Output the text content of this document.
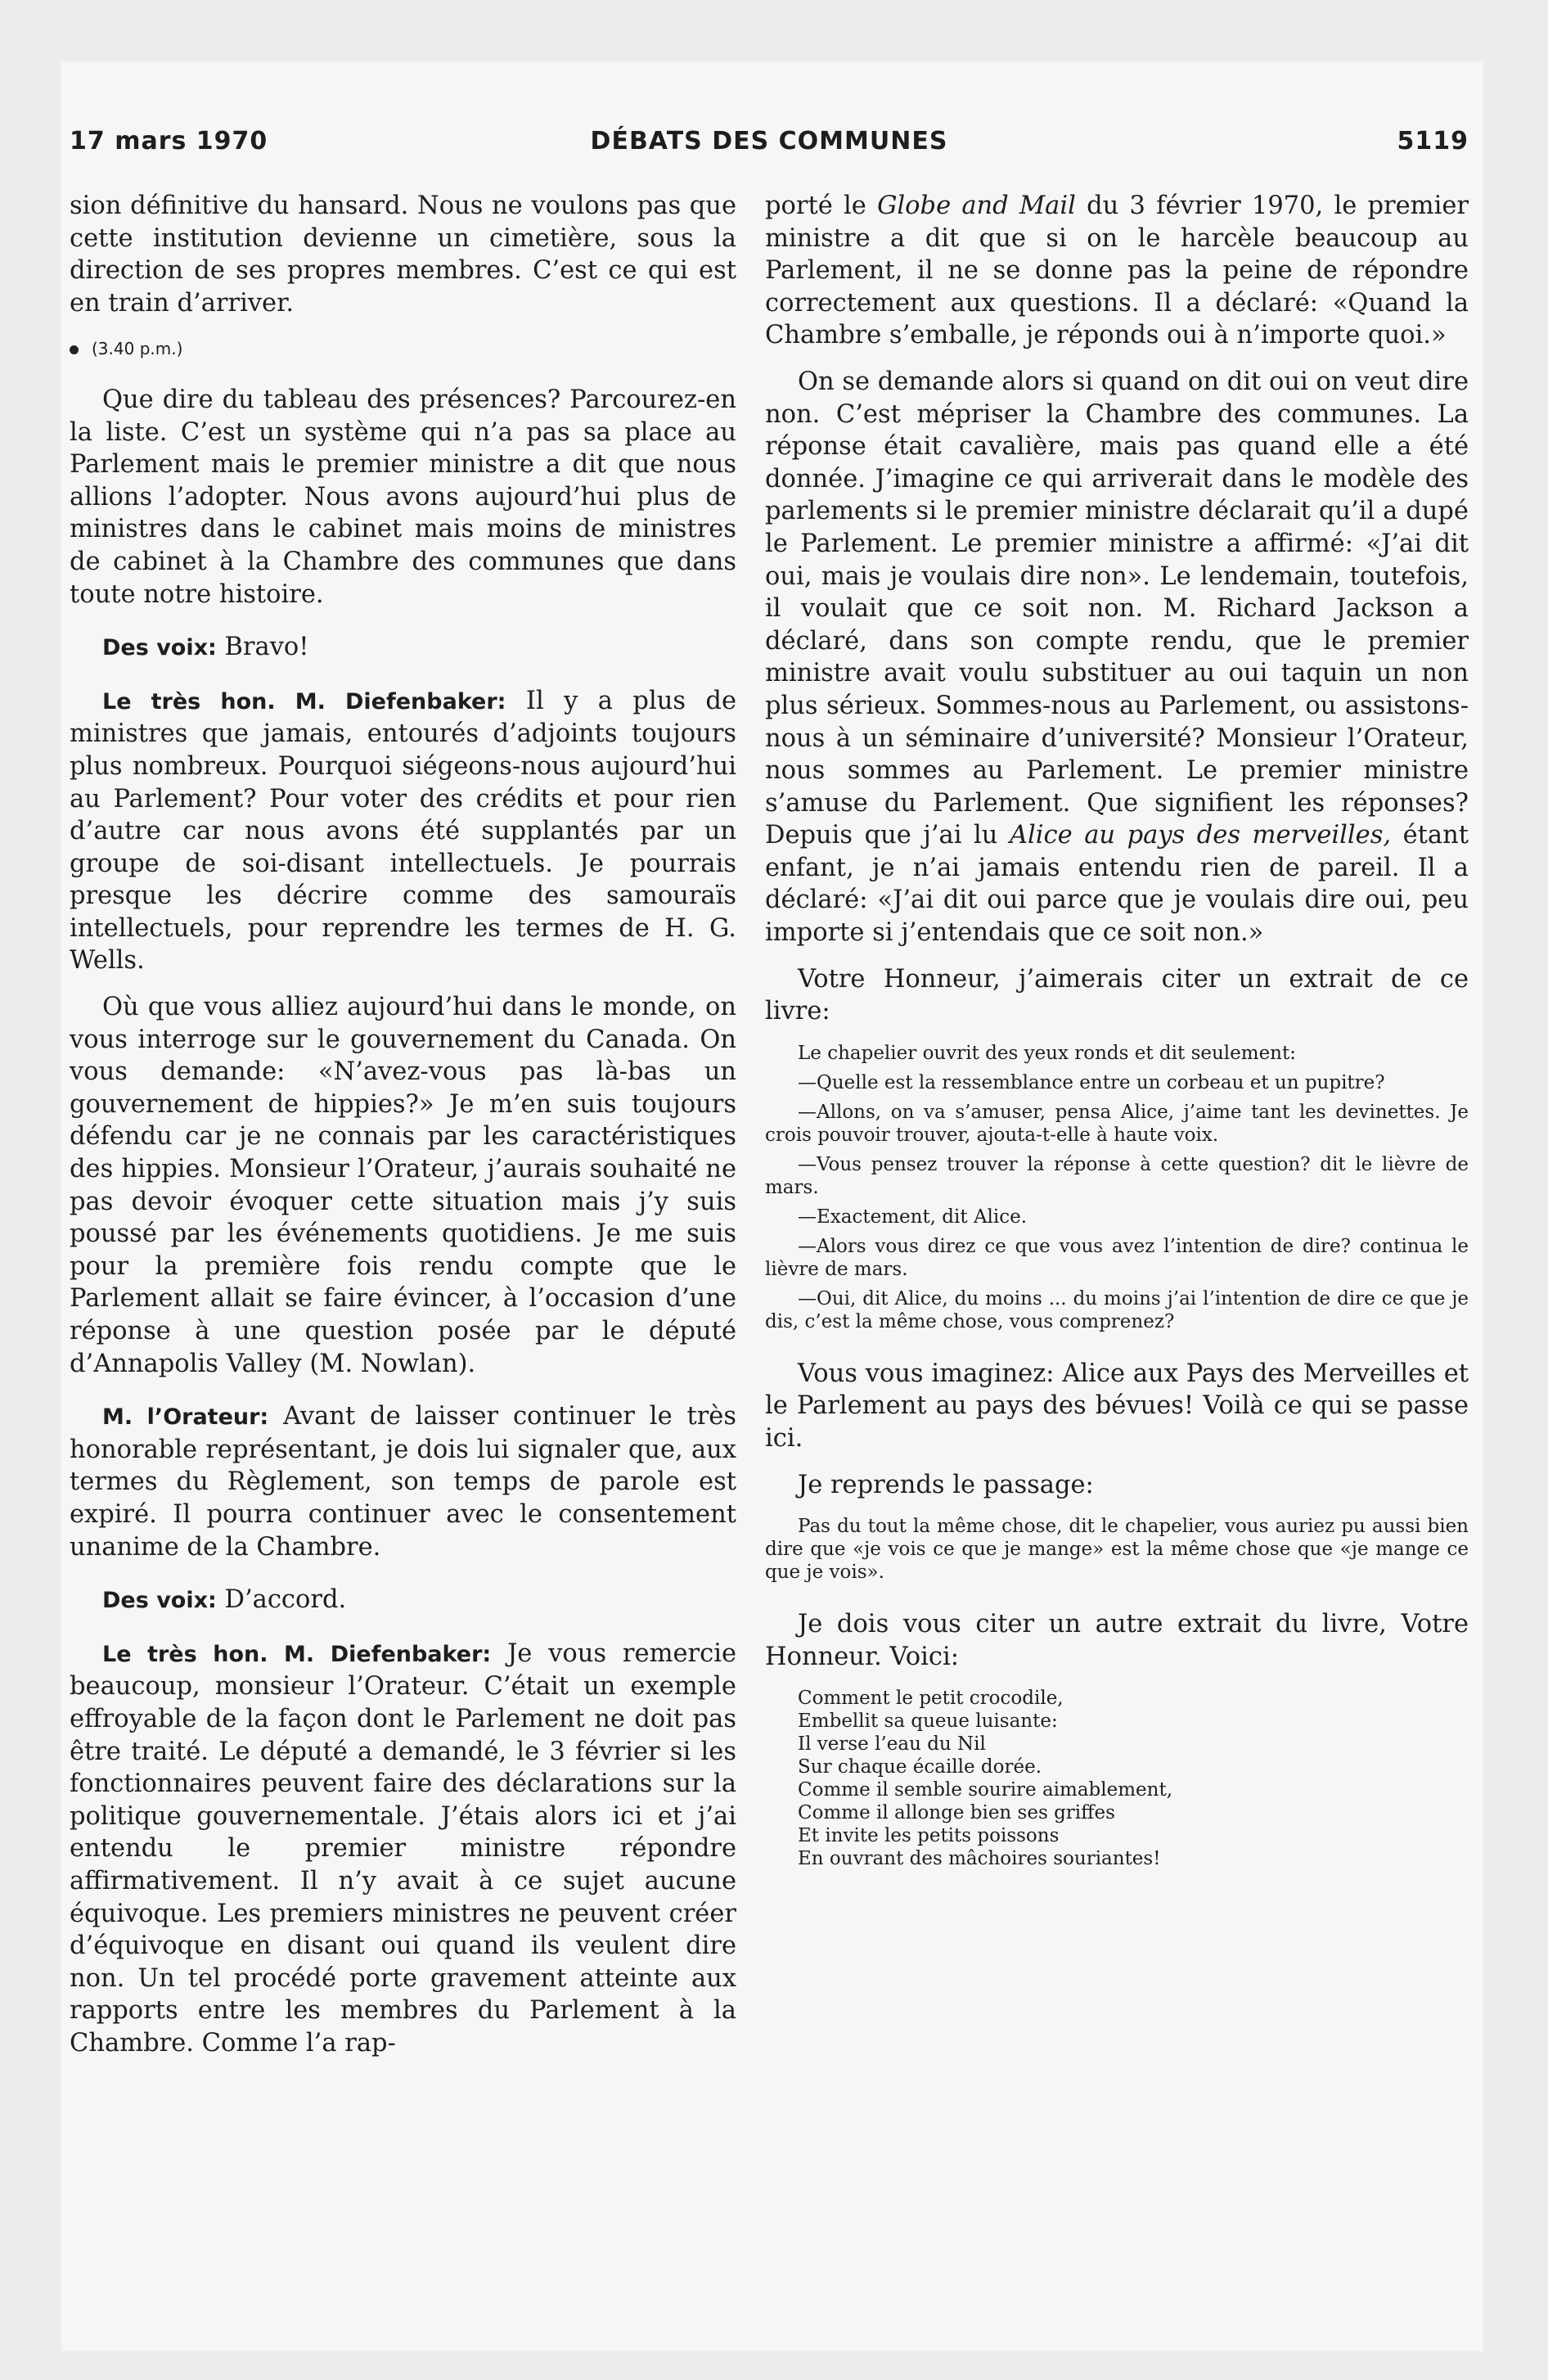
17 mars 1970	DÉBATS DES COMMUNES	5119

sion définitive du hansard. Nous ne voulons pas que cette institution devienne un cimetière, sous la direction de ses propres membres. C’est ce qui est en train d’arriver.

(3.40 p.m.)

Que dire du tableau des présences? Parcourez-en la liste. C’est un système qui n’a pas sa place au Parlement mais le premier ministre a dit que nous allions l’adopter. Nous avons aujourd’hui plus de ministres dans le cabinet mais moins de ministres de cabinet à la Chambre des communes que dans toute notre histoire.

Des voix: Bravo!

Le très hon. M. Diefenbaker: Il y a plus de ministres que jamais, entourés d’adjoints toujours plus nombreux. Pourquoi siégeons-nous aujourd’hui au Parlement? Pour voter des crédits et pour rien d’autre car nous avons été supplantés par un groupe de soi-disant intellectuels. Je pourrais presque les décrire comme des samouraïs intellectuels, pour reprendre les termes de H. G. Wells.

Où que vous alliez aujourd’hui dans le monde, on vous interroge sur le gouvernement du Canada. On vous demande: «N’avez-vous pas là-bas un gouvernement de hippies?» Je m’en suis toujours défendu car je ne connais par les caractéristiques des hippies. Monsieur l’Orateur, j’aurais souhaité ne pas devoir évoquer cette situation mais j’y suis poussé par les événements quotidiens. Je me suis pour la première fois rendu compte que le Parlement allait se faire évincer, à l’occasion d’une réponse à une question posée par le député d’Annapolis Valley (M. Nowlan).

M. l’Orateur: Avant de laisser continuer le très honorable représentant, je dois lui signaler que, aux termes du Règlement, son temps de parole est expiré. Il pourra continuer avec le consentement unanime de la Chambre.

Des voix: D’accord.

Le très hon. M. Diefenbaker: Je vous remercie beaucoup, monsieur l’Orateur. C’était un exemple effroyable de la façon dont le Parlement ne doit pas être traité. Le député a demandé, le 3 février si les fonctionnaires peuvent faire des déclarations sur la politique gouvernementale. J’étais alors ici et j’ai entendu le premier ministre répondre affirmativement. Il n’y avait à ce sujet aucune équivoque. Les premiers ministres ne peuvent créer d’équivoque en disant oui quand ils veulent dire non. Un tel procédé porte gravement atteinte aux rapports entre les membres du Parlement à la Chambre. Comme l’a rap-

porté le Globe and Mail du 3 février 1970, le premier ministre a dit que si on le harcèle beaucoup au Parlement, il ne se donne pas la peine de répondre correctement aux questions. Il a déclaré: «Quand la Chambre s’emballe, je réponds oui à n’importe quoi.»

On se demande alors si quand on dit oui on veut dire non. C’est mépriser la Chambre des communes. La réponse était cavalière, mais pas quand elle a été donnée. J’imagine ce qui arriverait dans le modèle des parlements si le premier ministre déclarait qu’il a dupé le Parlement. Le premier ministre a affirmé: «J’ai dit oui, mais je voulais dire non». Le lendemain, toutefois, il voulait que ce soit non. M. Richard Jackson a déclaré, dans son compte rendu, que le premier ministre avait voulu substituer au oui taquin un non plus sérieux. Sommes-nous au Parlement, ou assistons-nous à un séminaire d’université? Monsieur l’Orateur, nous sommes au Parlement. Le premier ministre s’amuse du Parlement. Que signifient les réponses? Depuis que j’ai lu Alice au pays des merveilles, étant enfant, je n’ai jamais entendu rien de pareil. Il a déclaré: «J’ai dit oui parce que je voulais dire oui, peu importe si j’entendais que ce soit non.»

Votre Honneur, j’aimerais citer un extrait de ce livre:

Le chapelier ouvrit des yeux ronds et dit seulement:

—Quelle est la ressemblance entre un corbeau et un pupitre?

—Allons, on va s’amuser, pensa Alice, j’aime tant les devinettes. Je crois pouvoir trouver, ajouta-t-elle à haute voix.

—Vous pensez trouver la réponse à cette question? dit le lièvre de mars.

—Exactement, dit Alice.

—Alors vous direz ce que vous avez l’intention de dire? continua le lièvre de mars.

—Oui, dit Alice, du moins ... du moins j’ai l’intention de dire ce que je dis, c’est la même chose, vous comprenez?

Vous vous imaginez: Alice aux Pays des Merveilles et le Parlement au pays des bévues! Voilà ce qui se passe ici.

Je reprends le passage:

Pas du tout la même chose, dit le chapelier, vous auriez pu aussi bien dire que «je vois ce que je mange» est la même chose que «je mange ce que je vois».

Je dois vous citer un autre extrait du livre, Votre Honneur. Voici:

Comment le petit crocodile,
Embellit sa queue luisante:
Il verse l’eau du Nil
Sur chaque écaille dorée.
Comme il semble sourire aimablement,
Comme il allonge bien ses griffes
Et invite les petits poissons
En ouvrant des mâchoires souriantes!
